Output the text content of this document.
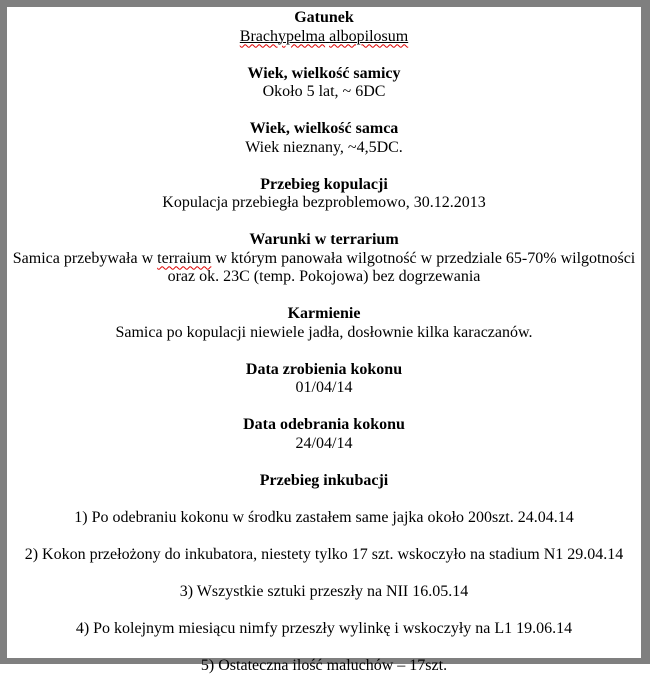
Gatunek
Brachypelma albopilosum
Wiek, wielkość samicy
Około 5 lat, ~ 6DC
Wiek, wielkość samca
Wiek nieznany, ~4,5DC.
Przebieg kopulacji
Kopulacja przebiegła bezproblemowo, 30.12.2013
Warunki w terrarium
Samica przebywała w terraium w którym panowała wilgotność w przedziale 65-70% wilgotności oraz ok. 23C (temp. Pokojowa) bez dogrzewania
Karmienie
Samica po kopulacji niewiele jadła, dosłownie kilka karaczanów.
Data zrobienia kokonu
01/04/14
Data odebrania kokonu
24/04/14
Przebieg inkubacji
1) Po odebraniu kokonu w środku zastałem same jajka około 200szt. 24.04.14
2) Kokon przełożony do inkubatora, niestety tylko 17 szt. wskoczyło na stadium N1 29.04.14
3) Wszystkie sztuki przeszły na NII 16.05.14
4) Po kolejnym miesiącu nimfy przeszły wylinkę i wskoczyły na L1 19.06.14
5) Ostateczna ilość maluchów – 17szt.
